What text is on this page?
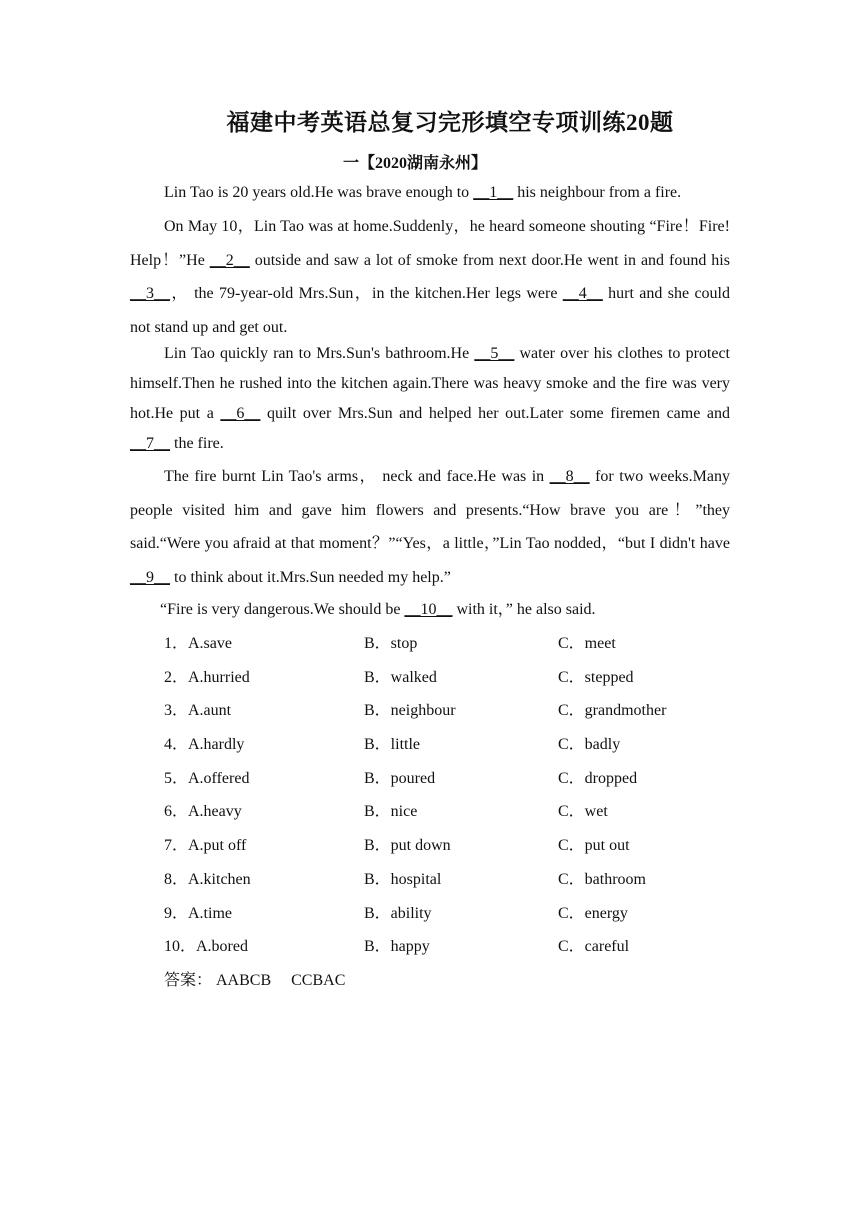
福建中考英语总复习完形填空专项训练20题
一【2020湖南永州】
Lin Tao is 20 years old.He was brave enough to __1__ his neighbour from a fire.
On May 10，Lin Tao was at home.Suddenly，he heard someone shouting “Fire！Fire! Help！”He __2__ outside and saw a lot of smoke from next door.He went in and found his __3__， the 79-year-old Mrs.Sun，in the kitchen.Her legs were __4__ hurt and she could not stand up and get out.
Lin Tao quickly ran to Mrs.Sun's bathroom.He __5__ water over his clothes to protect himself.Then he rushed into the kitchen again.There was heavy smoke and the fire was very hot.He put a __6__ quilt over Mrs.Sun and helped her out.Later some firemen came and __7__ the fire.
The fire burnt Lin Tao's arms， neck and face.He was in __8__ for two weeks.Many people visited him and gave him flowers and presents.“How brave you are！”they said.“Were you afraid at that moment？”“Yes，a little，”Lin Tao nodded，“but I didn't have __9__ to think about it.Mrs.Sun needed my help.”
“Fire is very dangerous.We should be __10__ with it，” he also said.
1．A.save	B．stop	C．meet
2．A.hurried	B．walked	C．stepped
3．A.aunt	B．neighbour	C．grandmother
4．A.hardly	B．little	C．badly
5．A.offered	B．poured	C．dropped
6．A.heavy	B．nice	C．wet
7．A.put off	B．put down	C．put out
8．A.kitchen	B．hospital	C．bathroom
9．A.time	B．ability	C．energy
10．A.bored	B．happy	C．careful
答案： AABCB     CCBAC
